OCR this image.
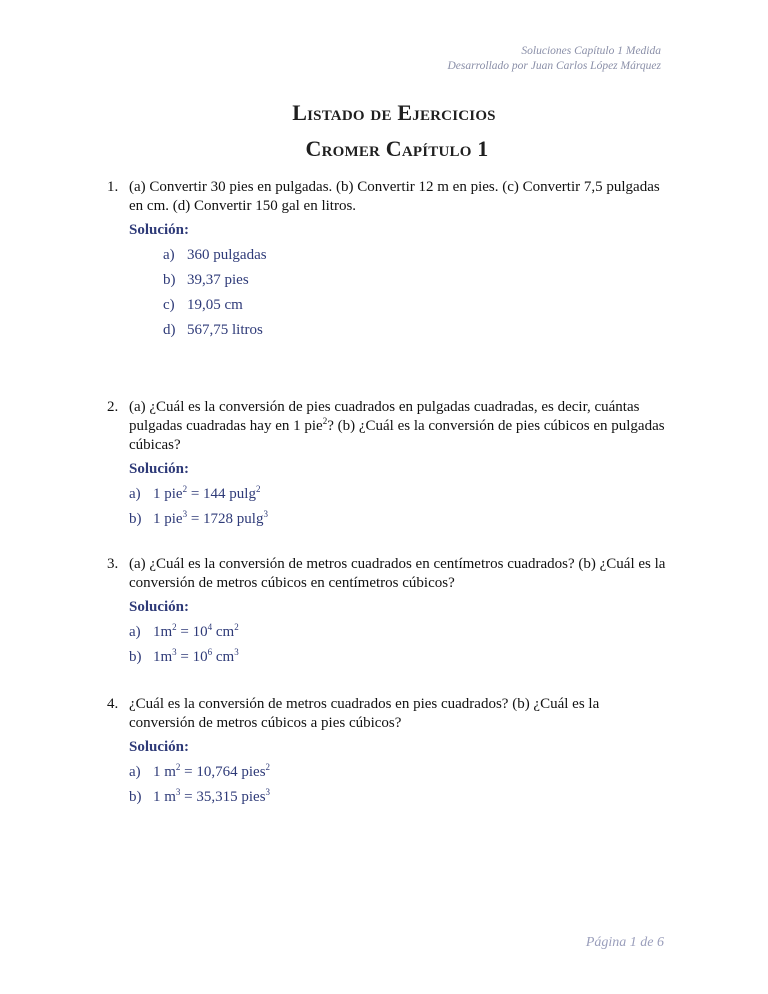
Soluciones Capítulo 1 Medida
Desarrollado por Juan Carlos López Márquez
Listado de Ejercicios
Cromer Capítulo 1
1. (a) Convertir 30 pies en pulgadas. (b) Convertir 12 m en pies. (c) Convertir 7,5 pulgadas en cm. (d) Convertir 150 gal en litros.
Solución:
a) 360 pulgadas
b) 39,37 pies
c) 19,05 cm
d) 567,75 litros
2. (a) ¿Cuál es la conversión de pies cuadrados en pulgadas cuadradas, es decir, cuántas pulgadas cuadradas hay en 1 pie$^2$? (b) ¿Cuál es la conversión de pies cúbicos en pulgadas cúbicas?
Solución:
a) 1 pie$^2$ = 144 pulg$^2$
b) 1 pie$^3$ = 1728 pulg$^3$
3. (a) ¿Cuál es la conversión de metros cuadrados en centímetros cuadrados? (b) ¿Cuál es la conversión de metros cúbicos en centímetros cúbicos?
Solución:
a) $1m^2 = 10^4$ $cm^2$
b) $1m^3 = 10^6$ $cm^3$
4. ¿Cuál es la conversión de metros cuadrados en pies cuadrados? (b) ¿Cuál es la conversión de metros cúbicos a pies cúbicos?
Solución:
a) 1 $m^2 = 10,764$ pies$^2$
b) 1 $m^3 = 35,315$ pies$^3$
Página 1 de 6
